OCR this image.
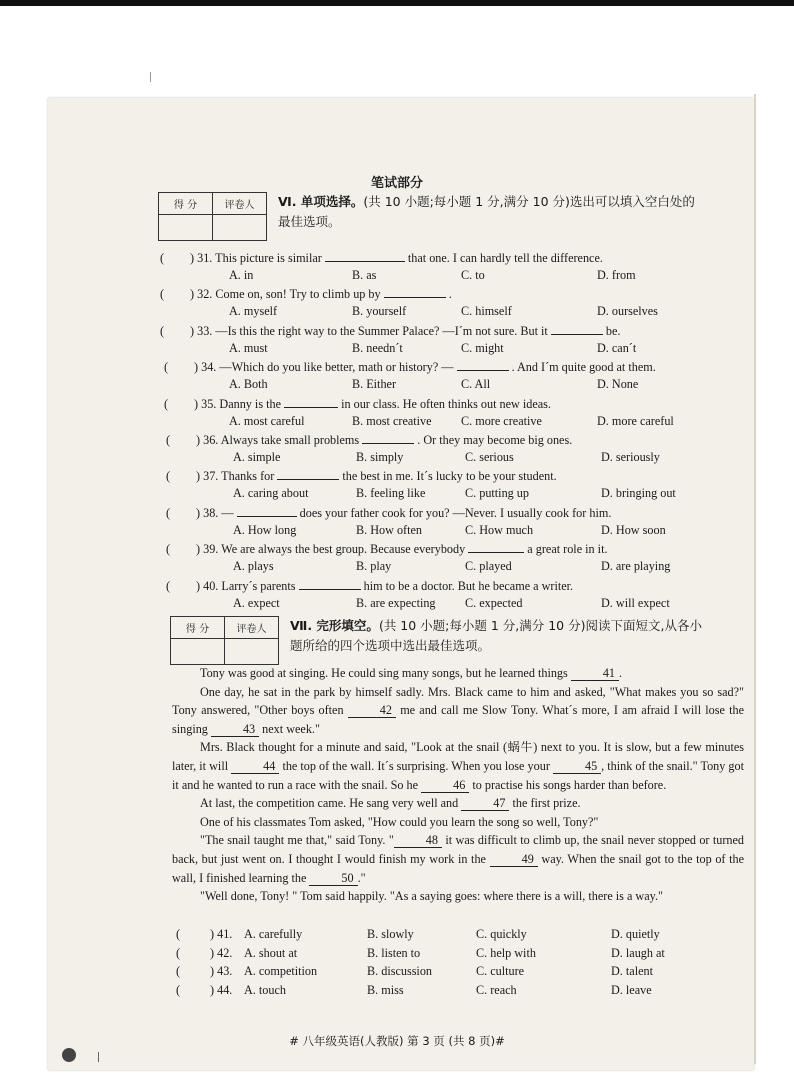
笔试部分
得 分	评卷人
	Ⅵ. 单项选择。(共 10 小题;每小题 1 分,满分 10 分)选出可以填入空白处的
最佳选项。
( ) 31. This picture is similar	that one. I can hardly tell the difference.
A. in	B. as	C. to	D. from
( ) 32. Come on, son! Try to climb up by	.
A. myself	B. yourself	C. himself	D. ourselves
( ) 33. —Is this the right way to the Summer Palace? —I´m not sure. But it	be.
A. must	B. needn´t	C. might	D. can´t
( ) 34. —Which do you like better, math or history? —	. And I´m quite good at them.
A. Both	B. Either	C. All	D. None
( ) 35. Danny is the	in our class. He often thinks out new ideas.
A. most careful	B. most creative C. more creative	D. more careful
( ) 36. Always take small problems	. Or they may become big ones.
A. simple	B. simply	C. serious	D. seriously
( ) 37. Thanks for	the best in me. It´s lucky to be your student.
A. caring about	B. feeling like	C. putting up	D. bringing out
( ) 38. —	does your father cook for you? —Never. I usually cook for him.
A. How long	B. How often	C. How much	D. How soon
( ) 39. We are always the best group. Because everybody	a great role in it.
A. plays	B. play	C. played	D. are playing
( ) 40. Larry´s parents	him to be a doctor. But he became a writer.
A. expect	B. are expecting C. expected	D. will expect
得 分	评卷人
	Ⅶ. 完形填空。(共 10 小题;每小题 1 分,满分 10 分)阅读下面短文,从各小
题所给的四个选项中选出最佳选项。

Tony was good at singing. He could sing many songs, but he learned things	41 .

One day, he sat in the park by himself sadly. Mrs. Black came to him and asked, "What makes you so sad?" Tony answered, "Other boys often	42 me and call me Slow Tony. What´s more, I am afraid I will lose the singing	43 next week."

Mrs. Black thought for a minute and said, "Look at the snail (蜗牛) next to you. It is slow, but a few minutes later, it will	44 the top of the wall. It´s surprising. When you lose your	45 , think of the snail." Tony got it and he wanted to run a race with the snail. So he	46 to practise his songs harder than before.

At last, the competition came. He sang very well and	47 the first prize.

One of his classmates Tom asked, "How could you learn the song so well, Tony?"

"The snail taught me that," said Tony. "	48 it was difficult to climb up, the snail never stopped or turned back, but just went on. I thought I would finish my work in the	49 way. When the snail got to the top of the wall, I finished learning the	50 ."

"Well done, Tony! " Tom said happily. "As a saying goes: where there is a will, there is a way."

( ) 41. A. carefully	B. slowly	C. quickly	D. quietly
( ) 42. A. shout at	B. listen to	C. help with	D. laugh at
( ) 43. A. competition	B. discussion	C. culture	D. talent
( ) 44. A. touch	B. miss	C. reach	D. leave
# 八年级英语(人教版) 第 3 页 (共 8 页)#
